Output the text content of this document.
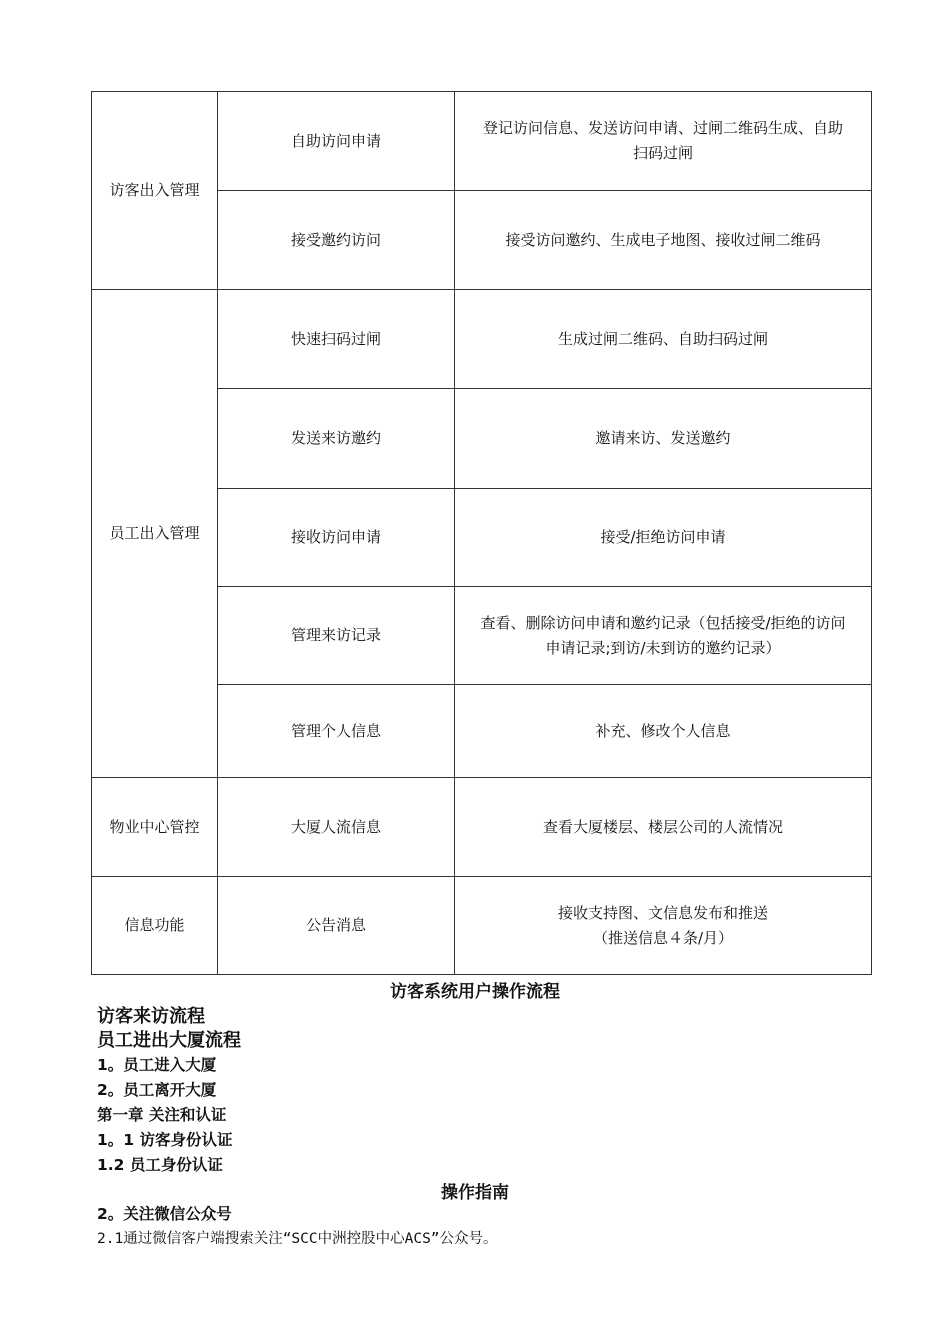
访客出入管理	自助访问申请	登记访问信息、发送访问申请、过闸二维码生成、自助
扫码过闸

	接受邀约访问	接受访问邀约、生成电子地图、接收过闸二维码

员工出入管理	快速扫码过闸	生成过闸二维码、自助扫码过闸

	发送来访邀约	邀请来访、发送邀约

	接收访问申请	接受/拒绝访问申请

	管理来访记录	查看、删除访问申请和邀约记录（包括接受/拒绝的访问
申请记录;到访/未到访的邀约记录）

	管理个人信息	补充、修改个人信息

物业中心管控	大厦人流信息	查看大厦楼层、楼层公司的人流情况

信息功能	公告消息	接收支持图、文信息发布和推送
（推送信息４条/月）
访客系统用户操作流程
访客来访流程
员工进出大厦流程
1。员工进入大厦
2。员工离开大厦
第一章 关注和认证
1。1 访客身份认证
1.2 员工身份认证
操作指南
2。关注微信公众号
2.1通过微信客户端搜索关注“SCC中洲控股中心ACS”公众号。
